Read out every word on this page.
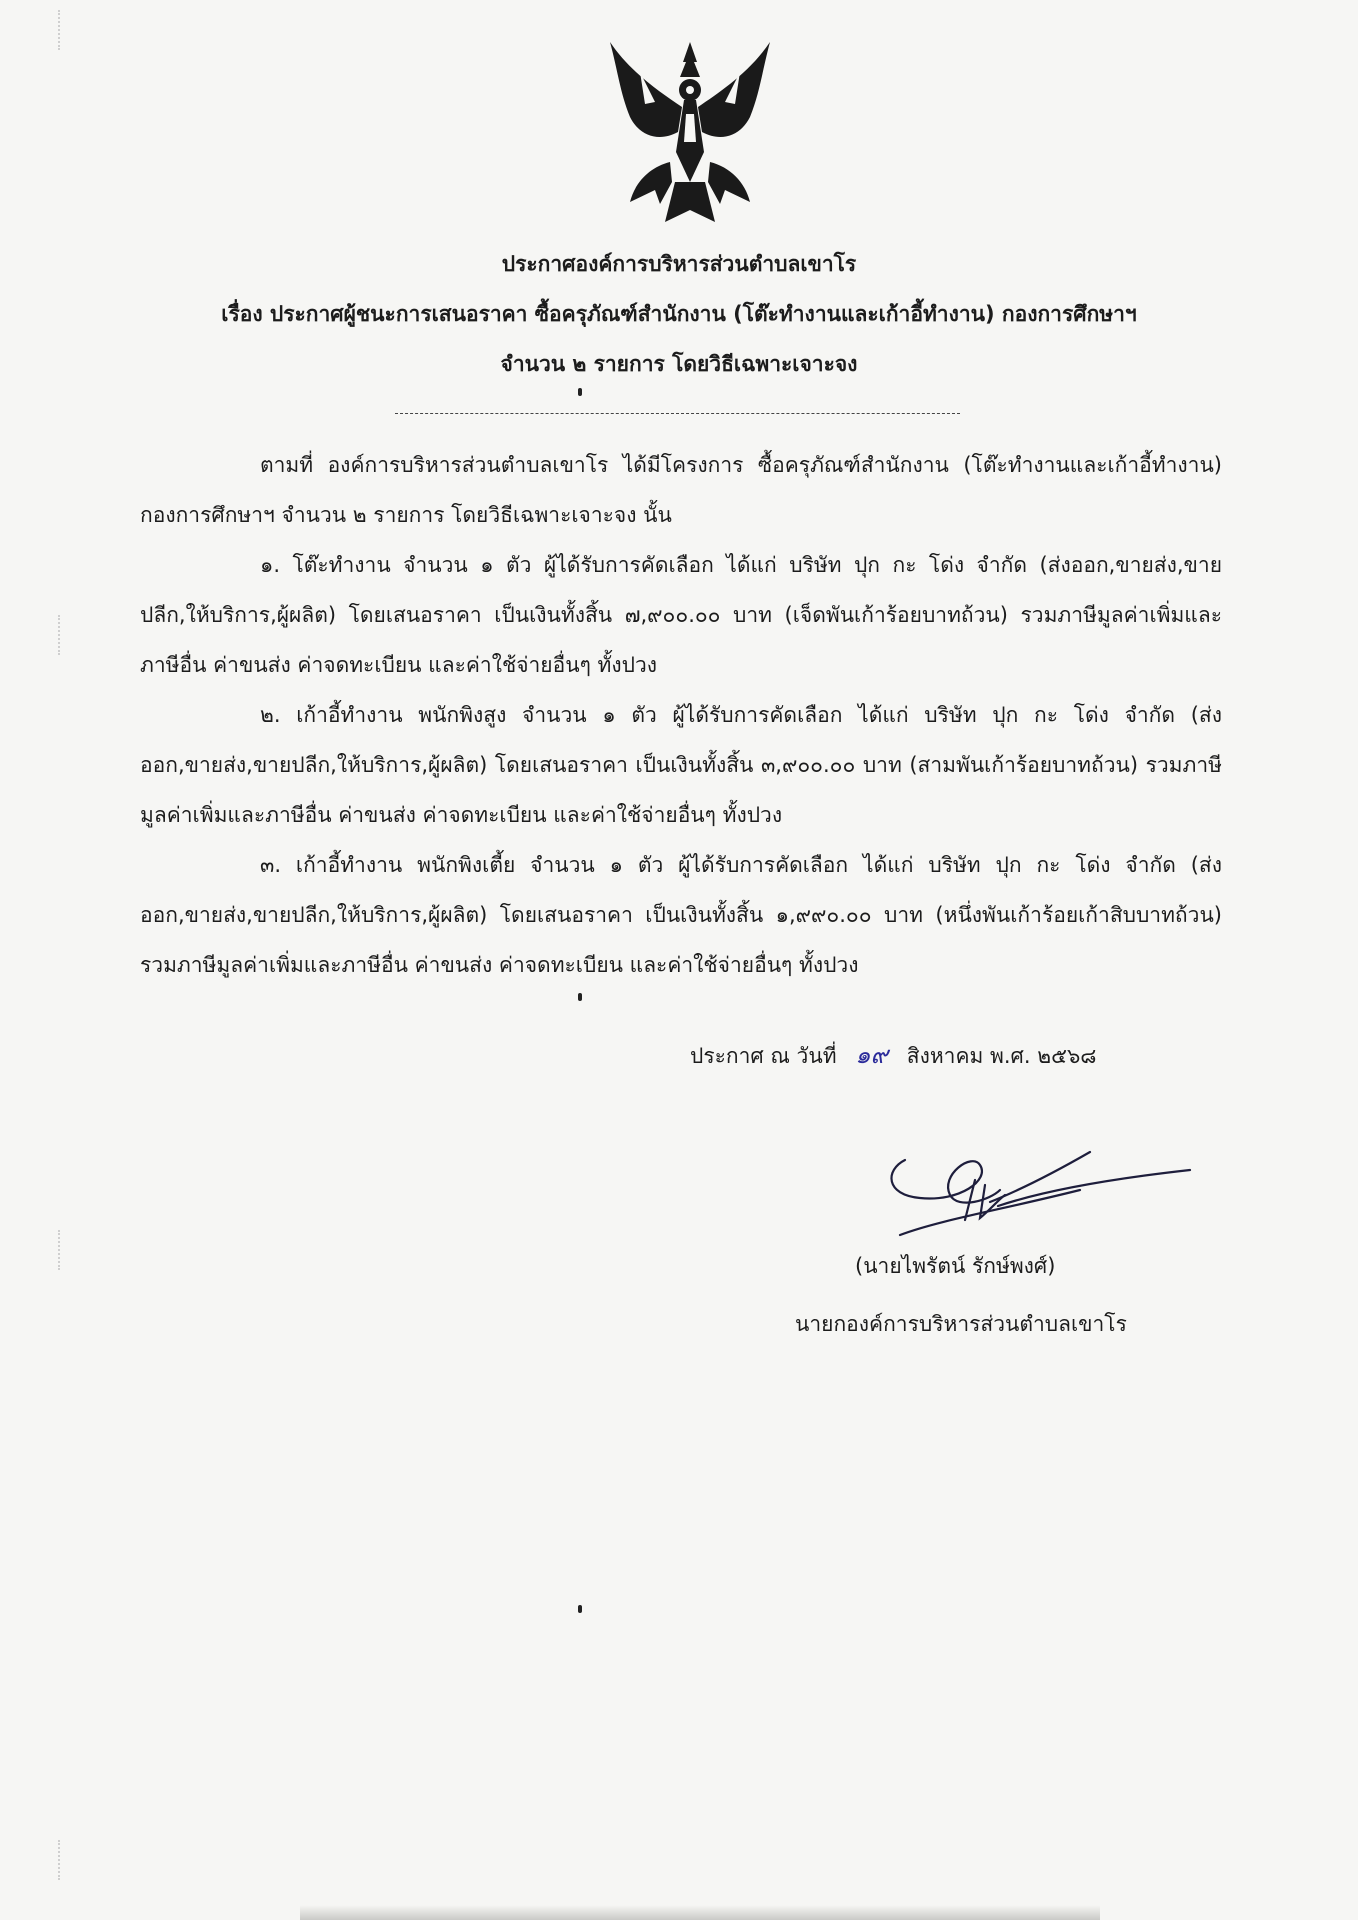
ประกาศองค์การบริหารส่วนตำบลเขาโร
เรื่อง ประกาศผู้ชนะการเสนอราคา ซื้อครุภัณฑ์สำนักงาน (โต๊ะทำงานและเก้าอี้ทำงาน) กองการศึกษาฯ
จำนวน ๒ รายการ โดยวิธีเฉพาะเจาะจง

ตามที่ องค์การบริหารส่วนตำบลเขาโร ได้มีโครงการ ซื้อครุภัณฑ์สำนักงาน (โต๊ะทำงานและเก้าอี้ทำงาน) กองการศึกษาฯ จำนวน ๒ รายการ โดยวิธีเฉพาะเจาะจง นั้น

๑. โต๊ะทำงาน จำนวน ๑ ตัว ผู้ได้รับการคัดเลือก ได้แก่ บริษัท ปุก กะ โด่ง จำกัด (ส่งออก,ขายส่ง,ขายปลีก,ให้บริการ,ผู้ผลิต) โดยเสนอราคา เป็นเงินทั้งสิ้น ๗,๙๐๐.๐๐ บาท (เจ็ดพันเก้าร้อยบาทถ้วน) รวมภาษีมูลค่าเพิ่มและภาษีอื่น ค่าขนส่ง ค่าจดทะเบียน และค่าใช้จ่ายอื่นๆ ทั้งปวง

๒. เก้าอี้ทำงาน พนักพิงสูง จำนวน ๑ ตัว ผู้ได้รับการคัดเลือก ได้แก่ บริษัท ปุก กะ โด่ง จำกัด (ส่งออก,ขายส่ง,ขายปลีก,ให้บริการ,ผู้ผลิต) โดยเสนอราคา เป็นเงินทั้งสิ้น ๓,๙๐๐.๐๐ บาท (สามพันเก้าร้อยบาทถ้วน) รวมภาษีมูลค่าเพิ่มและภาษีอื่น ค่าขนส่ง ค่าจดทะเบียน และค่าใช้จ่ายอื่นๆ ทั้งปวง

๓. เก้าอี้ทำงาน พนักพิงเตี้ย จำนวน ๑ ตัว ผู้ได้รับการคัดเลือก ได้แก่ บริษัท ปุก กะ โด่ง จำกัด (ส่งออก,ขายส่ง,ขายปลีก,ให้บริการ,ผู้ผลิต) โดยเสนอราคา เป็นเงินทั้งสิ้น ๑,๙๙๐.๐๐ บาท (หนึ่งพันเก้าร้อยเก้าสิบบาทถ้วน) รวมภาษีมูลค่าเพิ่มและภาษีอื่น ค่าขนส่ง ค่าจดทะเบียน และค่าใช้จ่ายอื่นๆ ทั้งปวง

ประกาศ ณ วันที่ ๑๙ สิงหาคม พ.ศ. ๒๕๖๘
(นายไพรัตน์ รักษ์พงศ์)
นายกองค์การบริหารส่วนตำบลเขาโร
